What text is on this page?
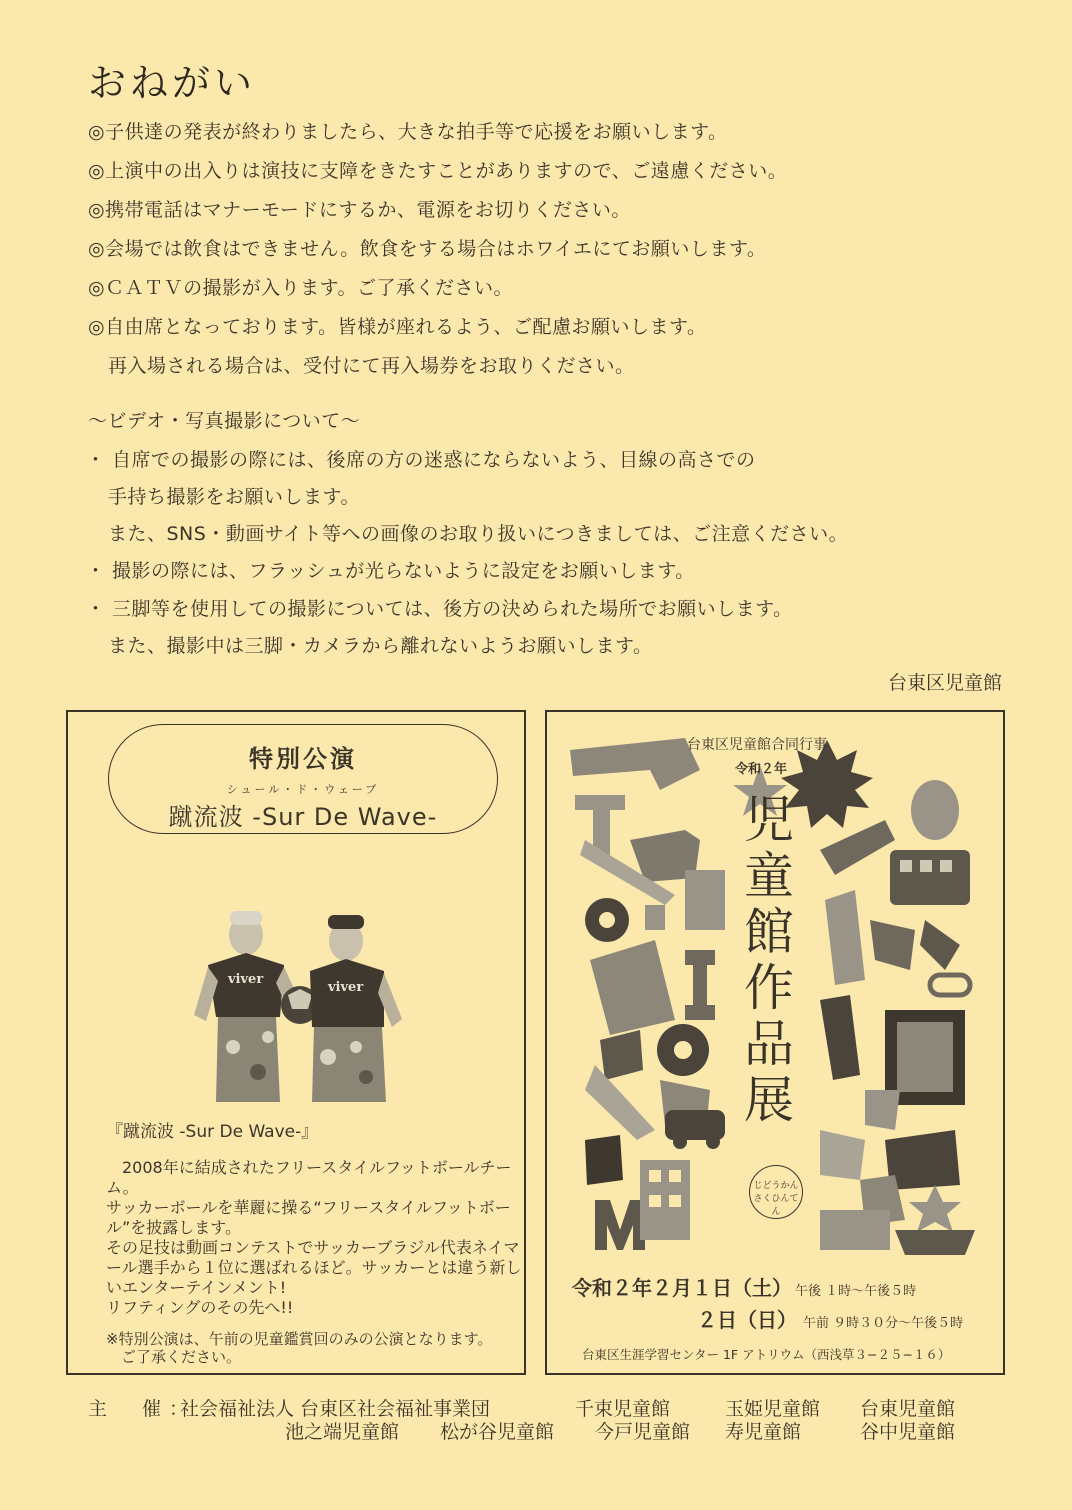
おねがい
◎子供達の発表が終わりましたら、大きな拍手等で応援をお願いします。
◎上演中の出入りは演技に支障をきたすことがありますので、ご遠慮ください。
◎携帯電話はマナーモードにするか、電源をお切りください。
◎会場では飲食はできません。飲食をする場合はホワイエにてお願いします。
◎ＣＡＴＶの撮影が入ります。ご了承ください。
◎自由席となっております。皆様が座れるよう、ご配慮お願いします。
再入場される場合は、受付にて再入場券をお取りください。
～ビデオ・写真撮影について～
・ 自席での撮影の際には、後席の方の迷惑にならないよう、目線の高さでの
手持ち撮影をお願いします。
また、SNS・動画サイト等への画像のお取り扱いにつきましては、ご注意ください。
・ 撮影の際には、フラッシュが光らないように設定をお願いします。
・ 三脚等を使用しての撮影については、後方の決められた場所でお願いします。
また、撮影中は三脚・カメラから離れないようお願いします。
台東区児童館
特別公演
シュール・ド・ウェーブ
蹴流波 -Sur De Wave-
viver
viver
『蹴流波 -Sur De Wave-』
　2008年に結成されたフリースタイルフットボールチーム。
サッカーボールを華麗に操る“フリースタイルフットボール”を披露します。
その足技は動画コンテストでサッカーブラジル代表ネイマール選手から１位に選ばれるほど。サッカーとは違う新しいエンターテインメント!
リフティングのその先へ!!
※特別公演は、午前の児童鑑賞回のみの公演となります。
　ご了承ください。
台東区児童館合同行事
令和２年
児童館作品展
じどうかん さくひんてん
令和２年２月１日（土） 午後 １時～午後５時
２日（日） 午前 ９時３０分～午後５時
台東区生涯学習センター 1F アトリウム（西浅草３−２５−１６）
主　催：
社会福祉法人 台東区社会福祉事業団	千束児童館	玉姫児童館 台東児童館
池之端児童館 松が谷児童館 今戸児童館 寿児童館	谷中児童館
